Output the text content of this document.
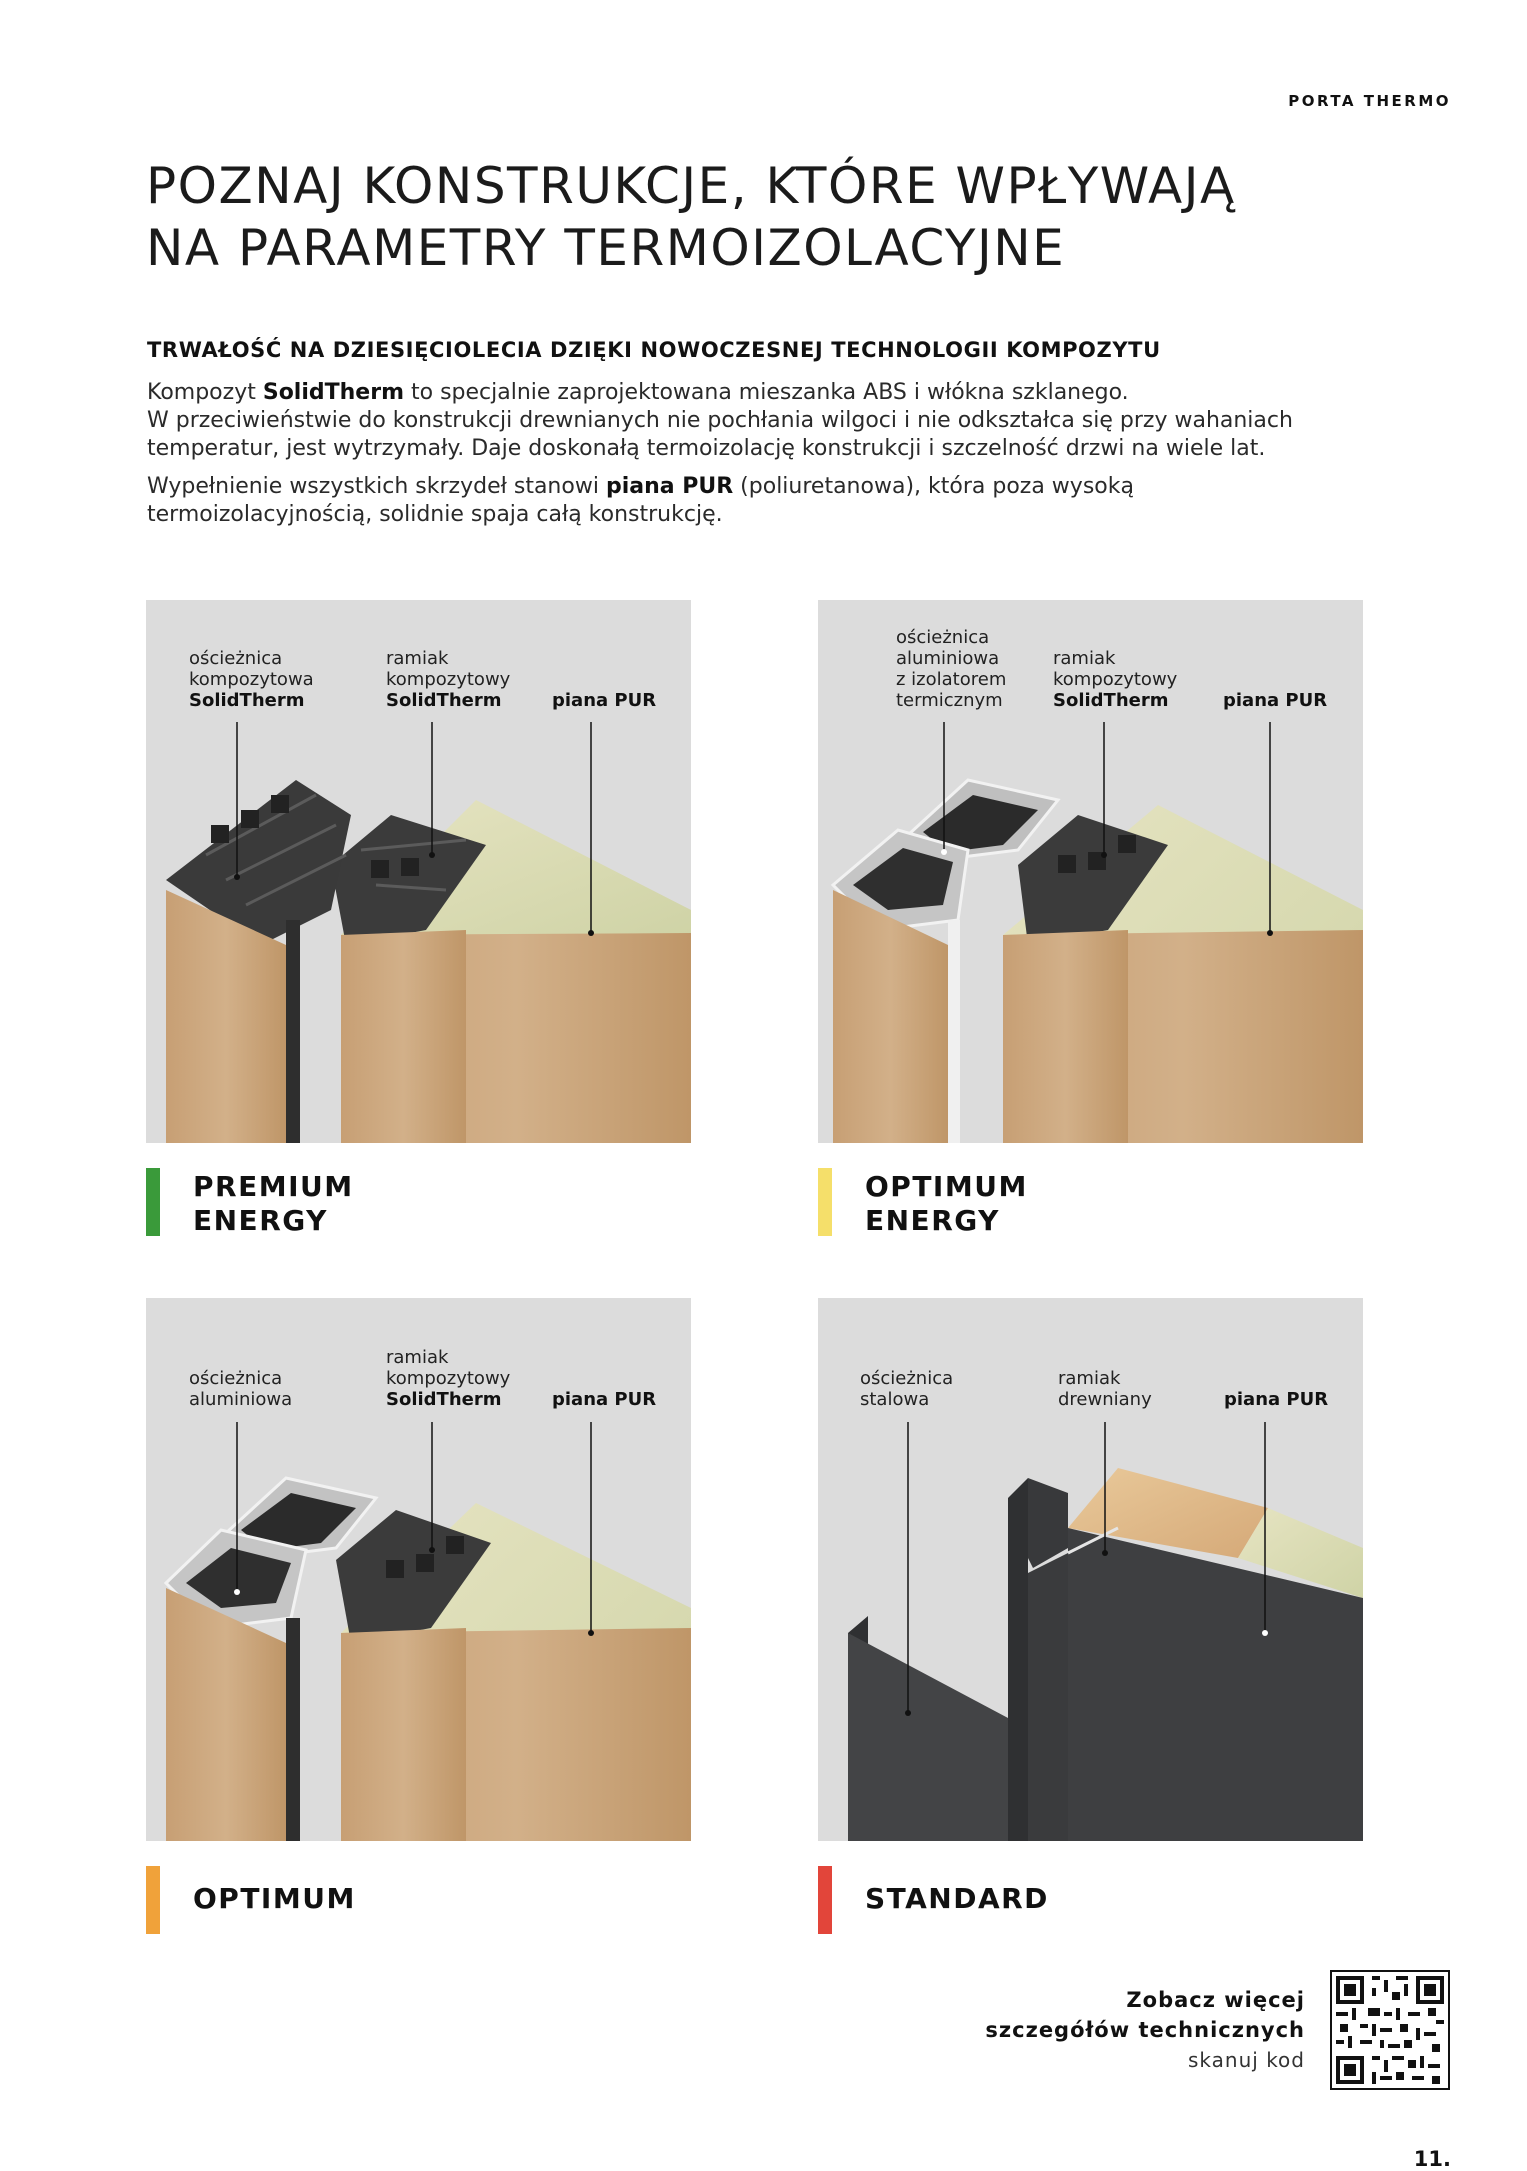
PORTA THERMO
POZNAJ KONSTRUKCJE, KTÓRE WPŁYWAJĄ
NA PARAMETRY TERMOIZOLACYJNE
TRWAŁOŚĆ NA DZIESIĘCIOLECIA DZIĘKI NOWOCZESNEJ TECHNOLOGII KOMPOZYTU

Kompozyt SolidTherm to specjalnie zaprojektowana mieszanka ABS i włókna szklanego.
W przeciwieństwie do konstrukcji drewnianych nie pochłania wilgoci i nie odkształca się przy wahaniach
temperatur, jest wytrzymały. Daje doskonałą termoizolację konstrukcji i szczelność drzwi na wiele lat.

Wypełnienie wszystkich skrzydeł stanowi piana PUR (poliuretanowa), która poza wysoką
termoizolacyjnością, solidnie spaja całą konstrukcję.

ościeżnica
kompozytowa
SolidTherm
ramiak
kompozytowy
SolidTherm	piana PUR
ościeżnica
aluminiowa
z izolatorem
termicznym
ramiak
kompozytowy
SolidTherm	piana PUR
ościeżnica
aluminiowa
ramiak
kompozytowy
SolidTherm	piana PUR
ościeżnica
stalowa
ramiak
drewniany	piana PUR
PREMIUM
ENERGY
OPTIMUM
ENERGY
OPTIMUM	STANDARD
Zobacz więcej
szczegółów technicznych
skanuj kod
11.
